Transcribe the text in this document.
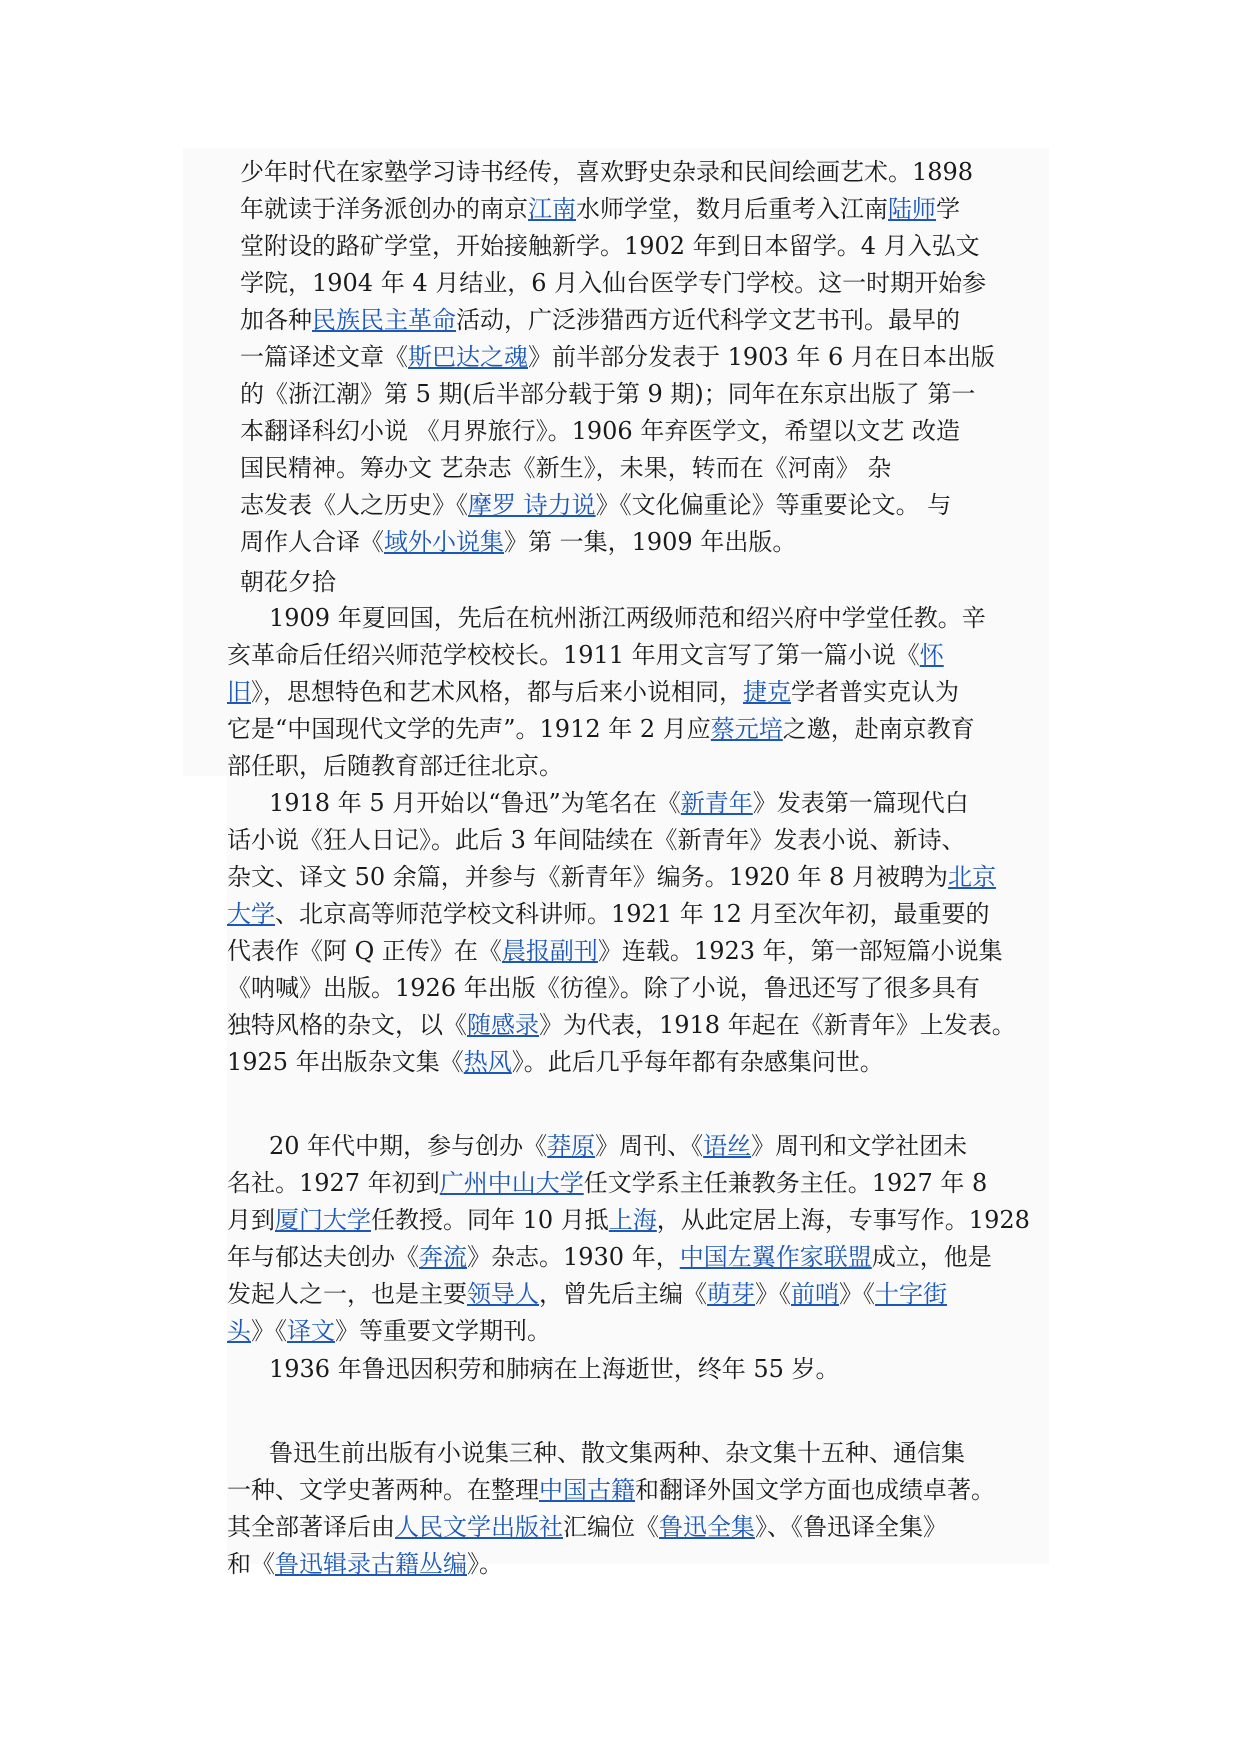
少年时代在家塾学习诗书经传，喜欢野史杂录和民间绘画艺术。1898
年就读于洋务派创办的南京江南水师学堂，数月后重考入江南陆师学
堂附设的路矿学堂，开始接触新学。1902 年到日本留学。4 月入弘文
学院，1904 年 4 月结业，6 月入仙台医学专门学校。这一时期开始参
加各种民族民主革命活动，广泛涉猎西方近代科学文艺书刊。最早的
一篇译述文章《斯巴达之魂》前半部分发表于 1903 年 6 月在日本出版
的《浙江潮》第 5 期(后半部分载于第 9 期)；同年在东京出版了 第一
本翻译科幻小说 《月界旅行》。1906 年弃医学文，希望以文艺 改造
国民精神。筹办文 艺杂志《新生》，未果，转而在《河南》 杂
志发表《人之历史》《摩罗 诗力说》《文化偏重论》等重要论文。 与
周作人合译《域外小说集》第 一集，1909 年出版。
朝花夕拾
1909 年夏回国，先后在杭州浙江两级师范和绍兴府中学堂任教。辛
亥革命后任绍兴师范学校校长。1911 年用文言写了第一篇小说《怀
旧》，思想特色和艺术风格，都与后来小说相同，捷克学者普实克认为
它是“中国现代文学的先声”。1912 年 2 月应蔡元培之邀，赴南京教育
部任职，后随教育部迁往北京。
1918 年 5 月开始以“鲁迅”为笔名在《新青年》发表第一篇现代白
话小说《狂人日记》。此后 3 年间陆续在《新青年》发表小说、新诗、
杂文、译文 50 余篇，并参与《新青年》编务。1920 年 8 月被聘为北京
大学、北京高等师范学校文科讲师。1921 年 12 月至次年初，最重要的
代表作《阿 Q 正传》在《晨报副刊》连载。1923 年，第一部短篇小说集
《呐喊》出版。1926 年出版《彷徨》。除了小说，鲁迅还写了很多具有
独特风格的杂文，以《随感录》为代表，1918 年起在《新青年》上发表。
1925 年出版杂文集《热风》。此后几乎每年都有杂感集问世。
20 年代中期，参与创办《莽原》周刊、《语丝》周刊和文学社团未
名社。1927 年初到广州中山大学任文学系主任兼教务主任。1927 年 8
月到厦门大学任教授。同年 10 月抵上海，从此定居上海，专事写作。1928
年与郁达夫创办《奔流》杂志。1930 年，中国左翼作家联盟成立，他是
发起人之一，也是主要领导人，曾先后主编《萌芽》《前哨》《十字街
头》《译文》等重要文学期刊。
1936 年鲁迅因积劳和肺病在上海逝世，终年 55 岁。
鲁迅生前出版有小说集三种、散文集两种、杂文集十五种、通信集
一种、文学史著两种。在整理中国古籍和翻译外国文学方面也成绩卓著。
其全部著译后由人民文学出版社汇编位《鲁迅全集》、《鲁迅译全集》
和《鲁迅辑录古籍丛编》。
